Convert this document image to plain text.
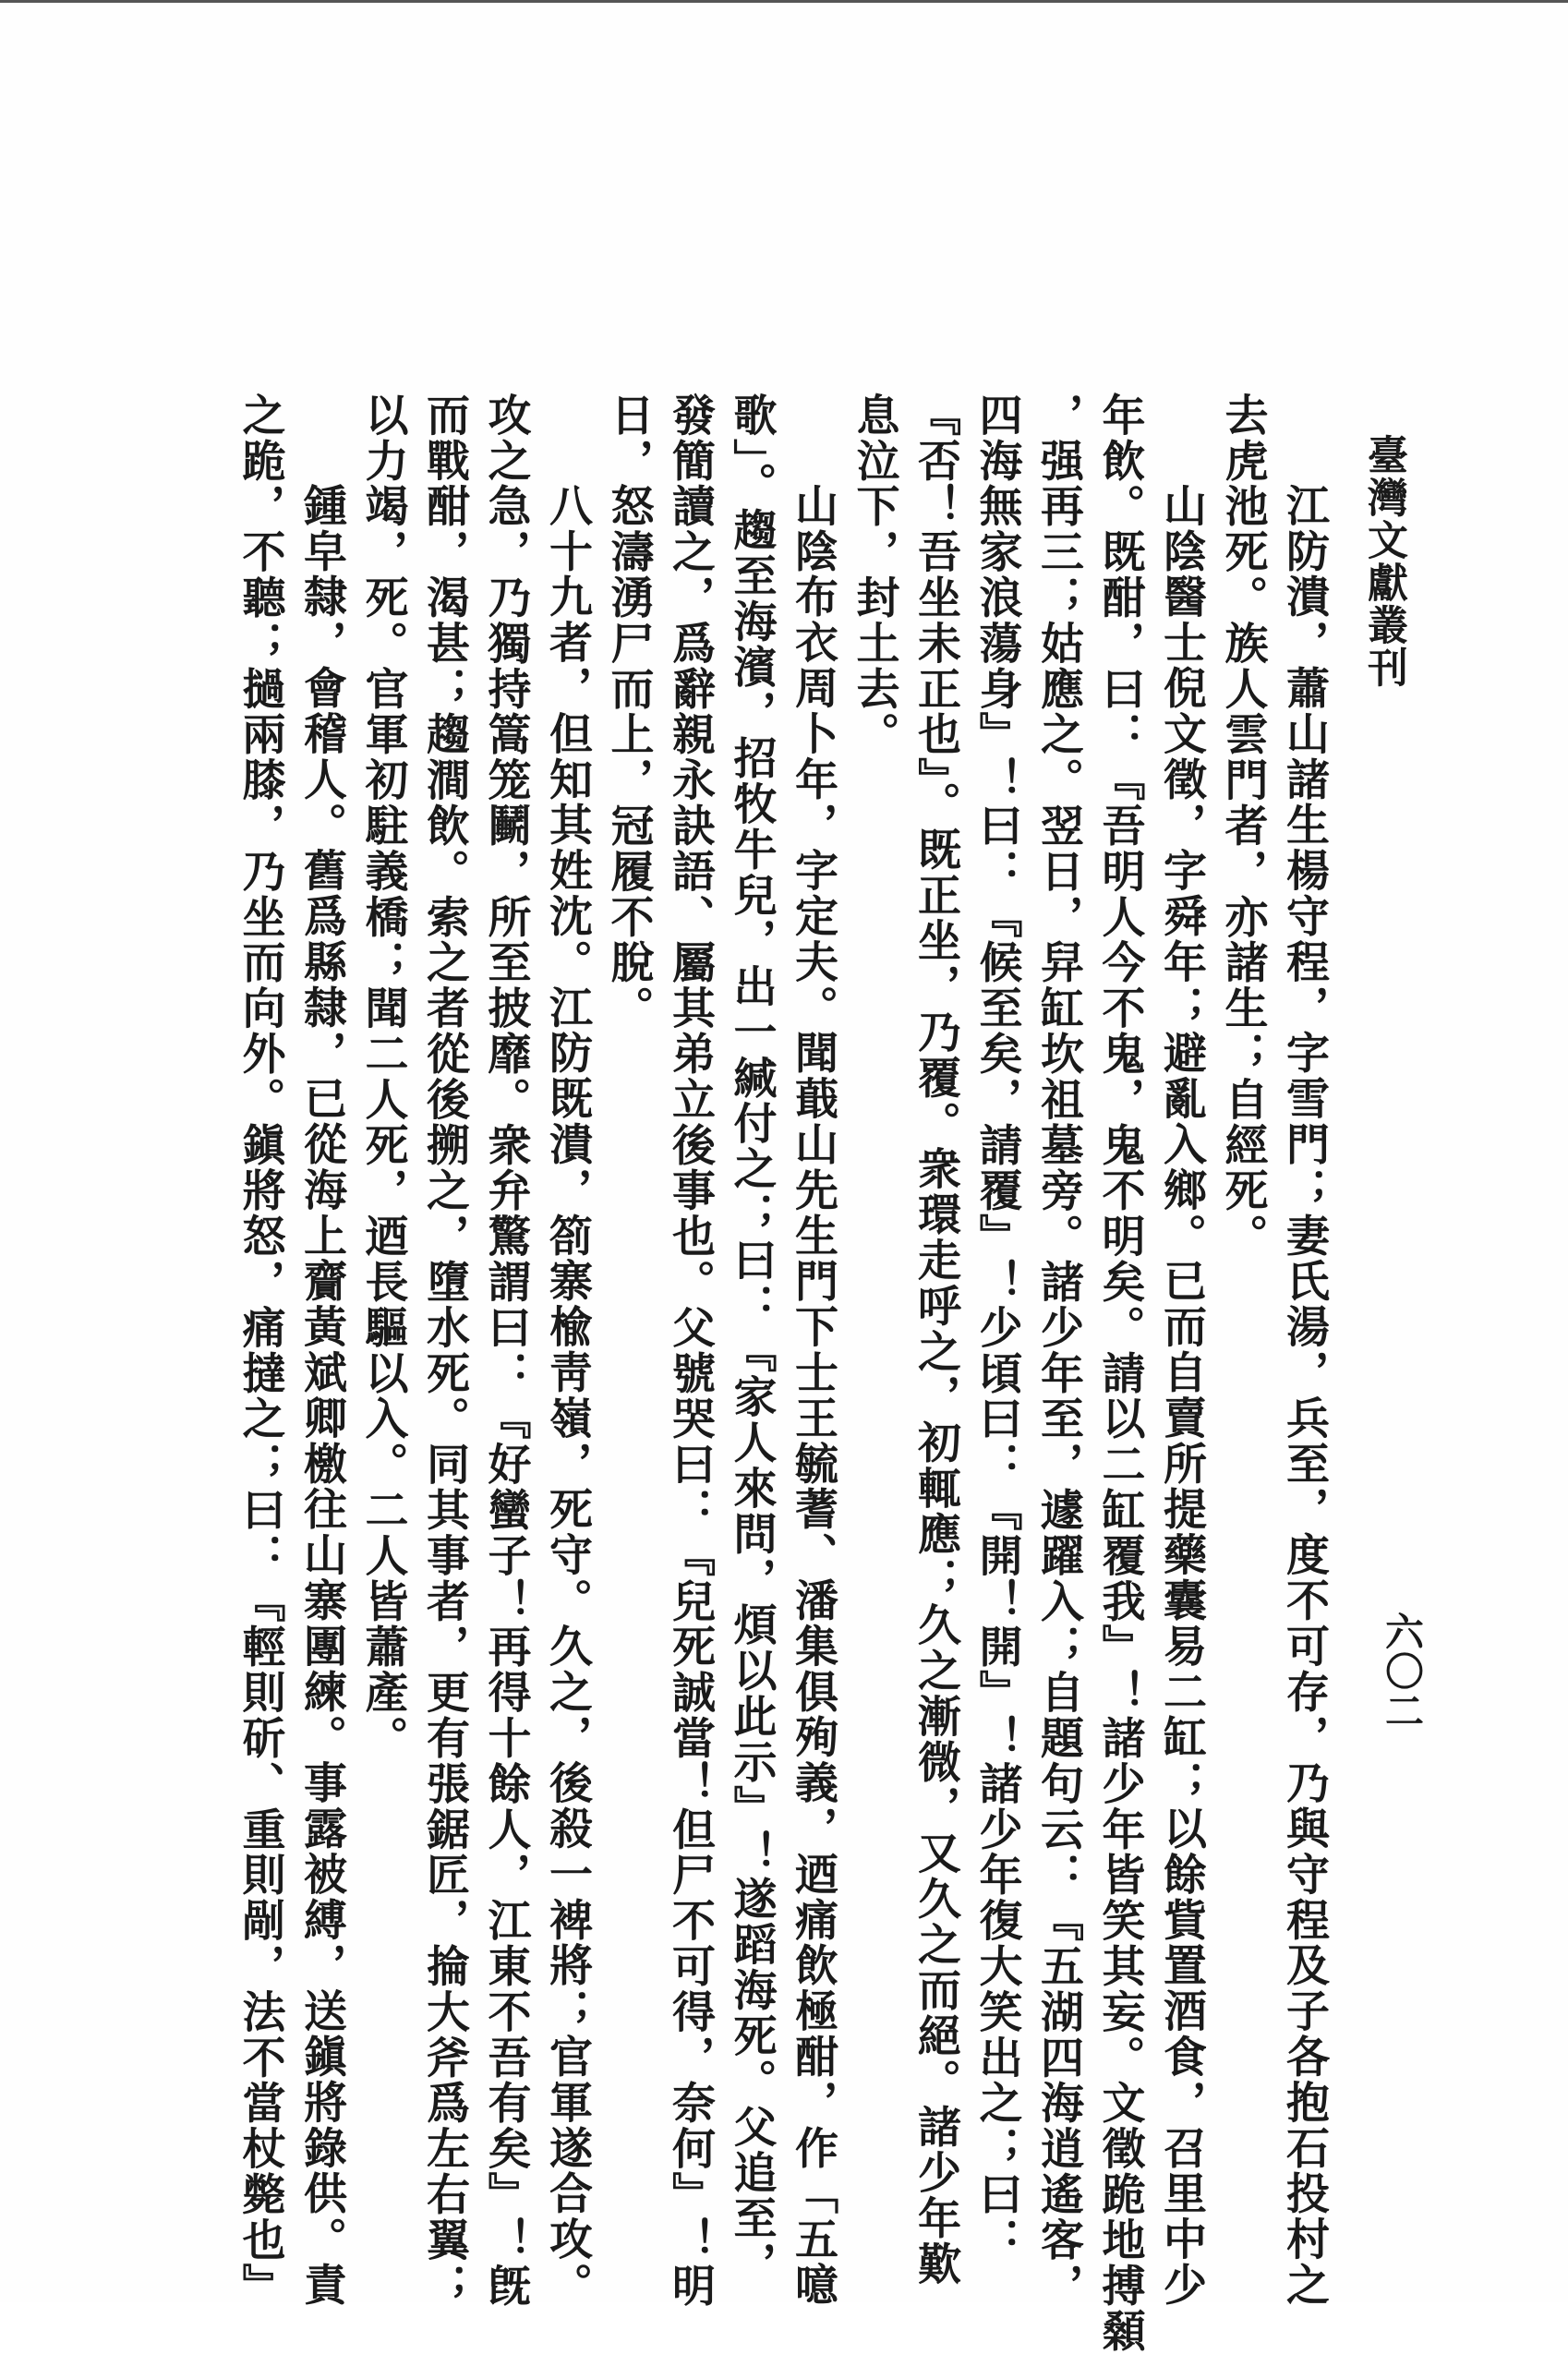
臺灣文獻叢刊
六〇二
江防潰，蕭山諸生楊守程，字雪門；妻氏湯，兵至，度不可存，乃與守程及子各抱石投村之
去虎池死。族人雲門者，亦諸生；自經死。
山陰醫士倪文徵，字舜年；避亂入鄉。已而自賣所提藥囊易二缸；以餘貲置酒食，召里中少
年飲。既酣，曰：『吾明人今不鬼，鬼不明矣。請以二缸覆我』！諸少年皆笑其妄。文徵跪地搏顙
，强再三；姑應之。翌日，舁缸坎祖墓旁。諸少年至，遽躍入；自題句云：『五湖四海逍遙客，
四海無家浪蕩身』！曰：『候至矣，請覆』！少頃曰：『開！開』！諸少年復大笑出之；曰：
『否！吾坐未正也』。既正坐，乃覆。衆環走呼之，初輒應；久之漸微，又久之而絕。諸少年歎
息泣下，封土去。
山陰布衣周卜年，字定夫。聞蕺山先生門下士王毓蓍、潘集俱殉義，迺痛飲極酣，作「五噫
歌」。趨至海濱，招牧牛兒，出一緘付之；曰：『家人來問，煩以此示』！遂蹈海死。父追至，
發簡讀之，爲辭親永訣語、屬其弟立後事也。父號哭曰：『兒死誠當！但尸不可得，奈何』！明
日，怒濤湧尸而上，冠履不脫。
八十九者，但知其姓沈。江防既潰，箚寨楡靑嶺，死守。久之，後殺一裨將；官軍遂合攻。
攻之急，乃獨持篙笼鬭，所至披靡。衆弁驚謂曰：『好蠻子！再得十餘人，江東不吾有矣』！旣
而戰酣，渴甚；趨澗飲。索之者從後搠之，墮水死。同其事者，更有張鋸匠，掄大斧爲左右翼；
以力竭，死。官軍初駐義橋；聞二人死，迺長驅以入。二人皆蕭產。
鍾皁隸，會稽人。舊爲縣隸，已從海上齎黃斌卿檄往山寨團練。事露被縛，送鎭將錄供。責
之跪，不聽；撾兩膝，乃坐而向外。鎭將怒，痛撻之；曰：『輕則斫、重則剮，法不當杖斃也』
